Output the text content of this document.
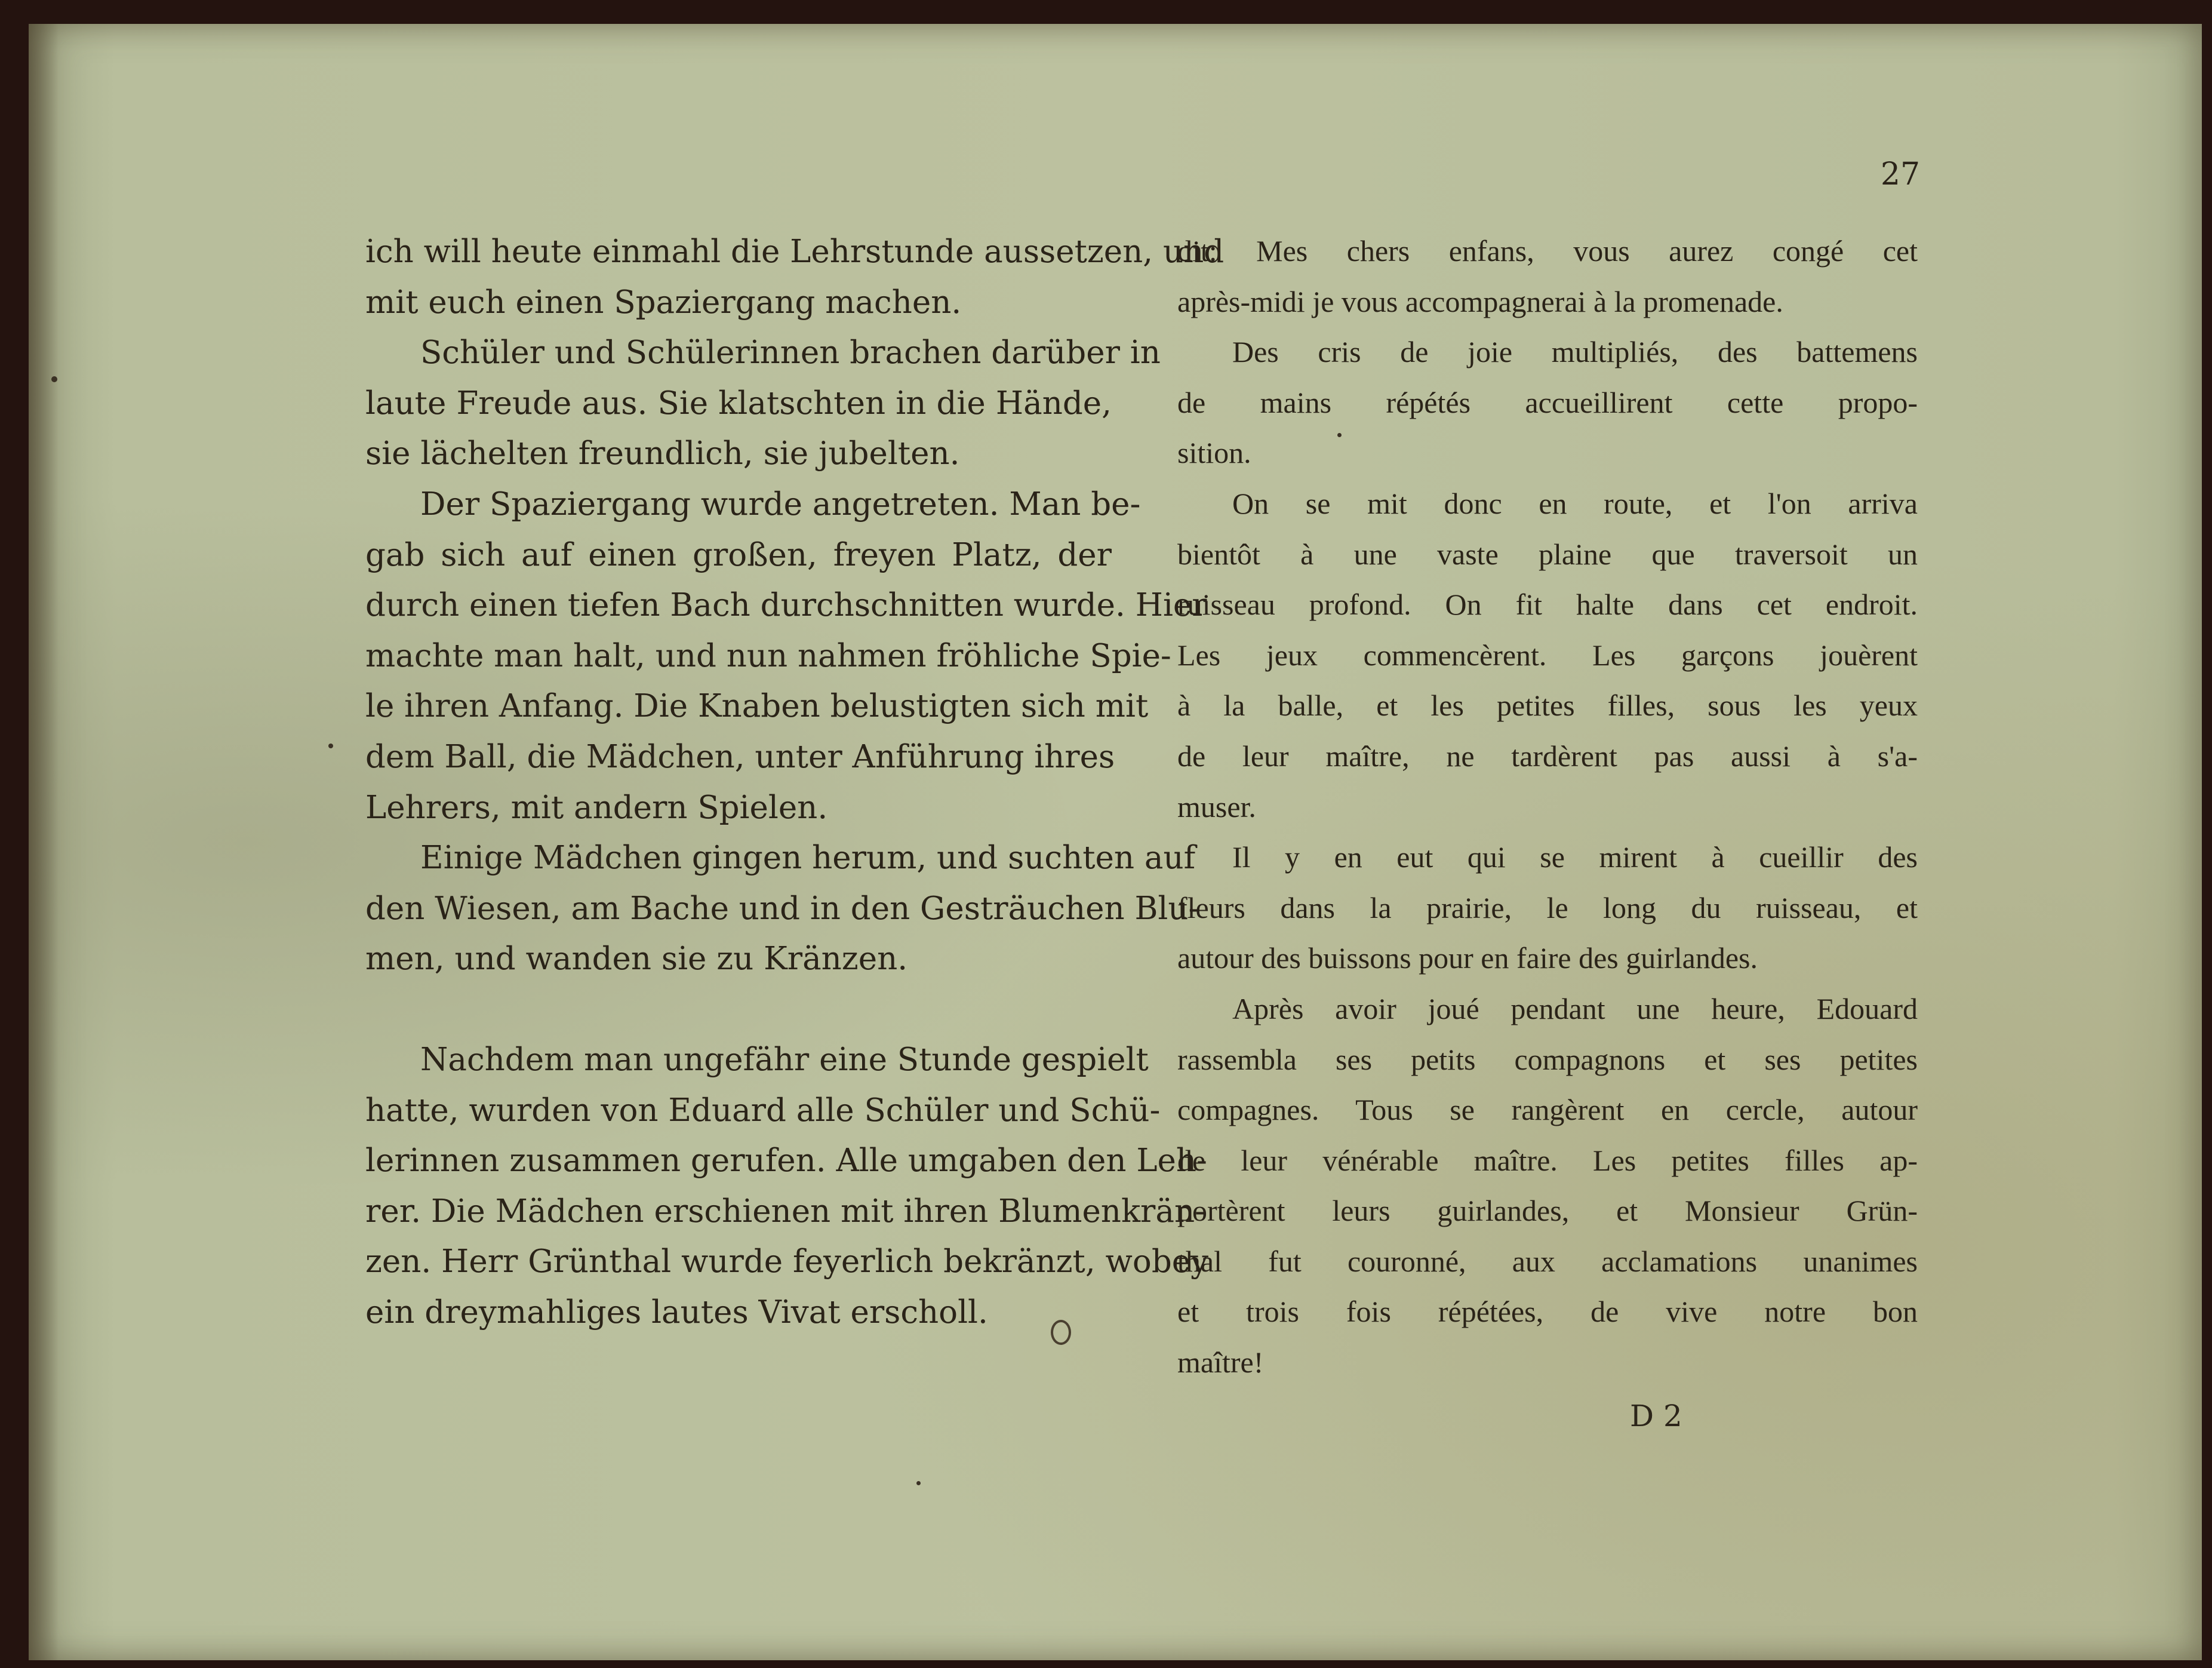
27
ich will heute einmahl die Lehrstunde aussetzen, und
mit euch einen Spaziergang machen.
Schüler und Schülerinnen brachen darüber in
laute Freude aus. Sie klatschten in die Hände,
sie lächelten freundlich, sie jubelten.
Der Spaziergang wurde angetreten. Man be-
gab sich auf einen großen, freyen Platz, der
durch einen tiefen Bach durchschnitten wurde. Hier
machte man halt, und nun nahmen fröhliche Spie-
le ihren Anfang. Die Knaben belustigten sich mit
dem Ball, die Mädchen, unter Anführung ihres
Lehrers, mit andern Spielen.
Einige Mädchen gingen herum, und suchten auf
den Wiesen, am Bache und in den Gesträuchen Blu-
men, und wanden sie zu Kränzen.
Nachdem man ungefähr eine Stunde gespielt
hatte, wurden von Eduard alle Schüler und Schü-
lerinnen zusammen gerufen. Alle umgaben den Leh-
rer. Die Mädchen erschienen mit ihren Blumenkrän-
zen. Herr Grünthal wurde feyerlich bekränzt, wobey
ein dreymahliges lautes Vivat erscholl.
dit: Mes chers enfans, vous aurez congé cet
après-midi je vous accompagnerai à la promenade.
Des cris de joie multipliés, des battemens
de mains répétés accueillirent cette propo-
sition.
On se mit donc en route, et l'on arriva
bientôt à une vaste plaine que traversoit un
ruisseau profond. On fit halte dans cet endroit.
Les jeux commencèrent. Les garçons jouèrent
à la balle, et les petites filles, sous les yeux
de leur maître, ne tardèrent pas aussi à s'a-
muser.
Il y en eut qui se mirent à cueillir des
fleurs dans la prairie, le long du ruisseau, et
autour des buissons pour en faire des guirlandes.
Après avoir joué pendant une heure, Edouard
rassembla ses petits compagnons et ses petites
compagnes. Tous se rangèrent en cercle, autour
de leur vénérable maître. Les petites filles ap-
portèrent leurs guirlandes, et Monsieur Grün-
thal fut couronné, aux acclamations unanimes
et trois fois répétées, de vive notre bon
maître!
D 2
